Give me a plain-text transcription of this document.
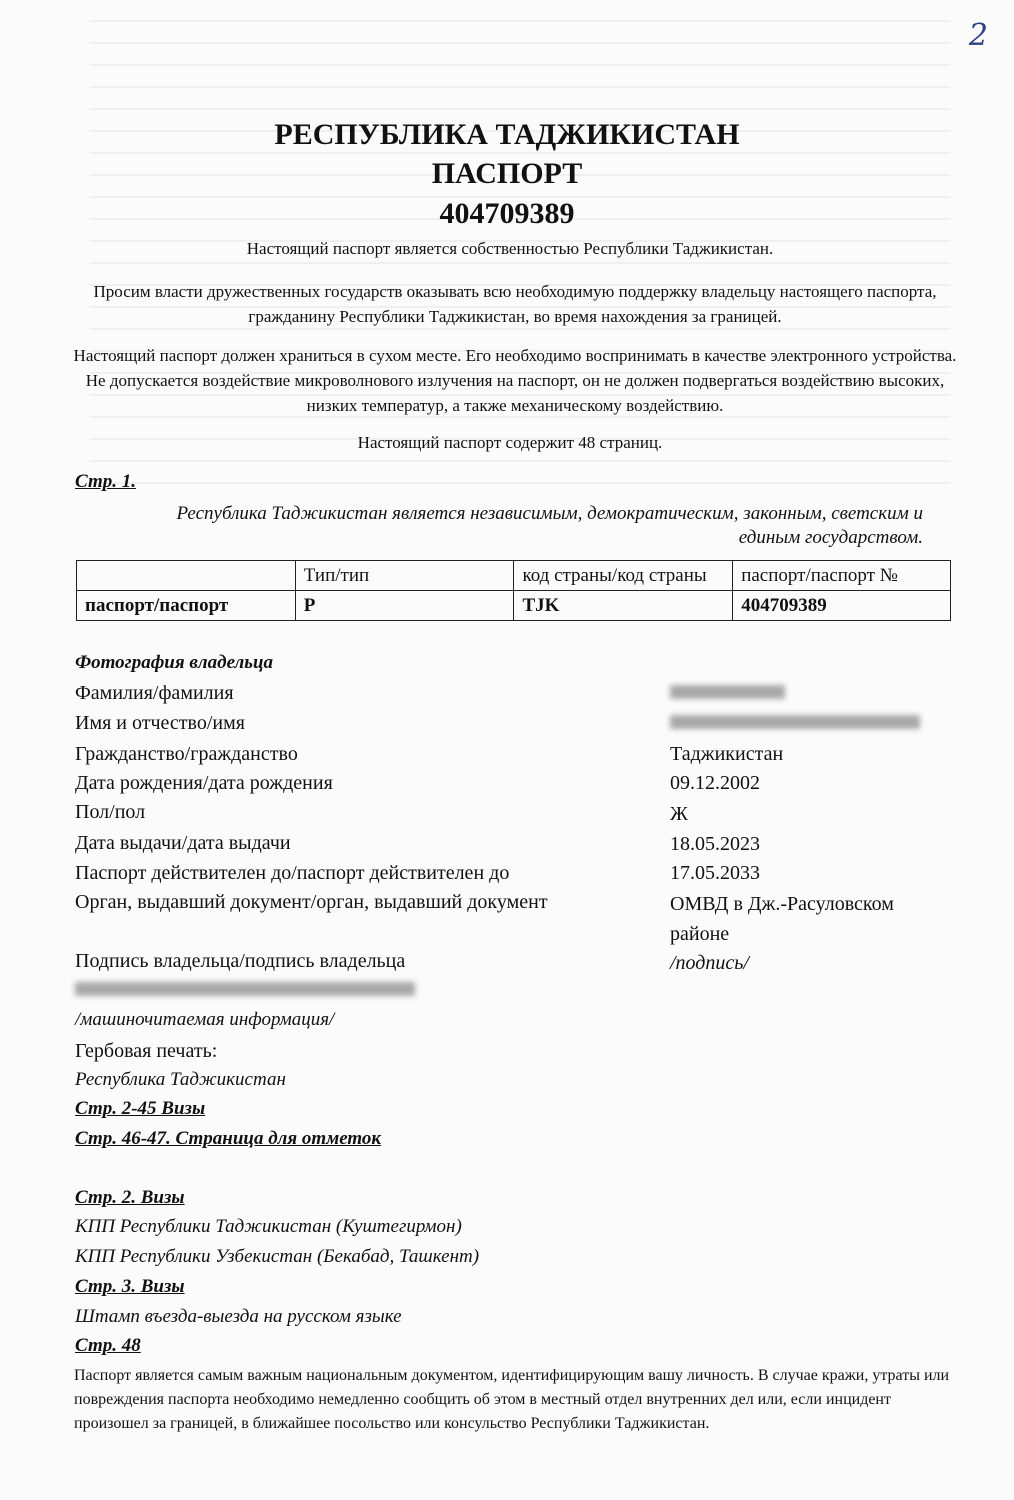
2
РЕСПУБЛИКА ТАДЖИКИСТАН
ПАСПОРТ
404709389
Настоящий паспорт является собственностью Республики Таджикистан.
Просим власти дружественных государств оказывать всю необходимую поддержку владельцу настоящего паспорта, гражданину Республики Таджикистан, во время нахождения за границей.
Настоящий паспорт должен храниться в сухом месте. Его необходимо воспринимать в качестве электронного устройства. Не допускается воздействие микроволнового излучения на паспорт, он не должен подвергаться воздействию высоких, низких температур, а также механическому воздействию.
Настоящий паспорт содержит 48 страниц.
Стр. 1.
Республика Таджикистан является независимым, демократическим, законным, светским и единым государством.
	Тип/тип	код страны/код страны	паспорт/паспорт №
паспорт/паспорт	P	TJK	404709389
Фотография владельца
Фамилия/фамилия
Имя и отчество/имя
Гражданство/гражданство	Таджикистан
Дата рождения/дата рождения	09.12.2002
Пол/пол	Ж
Дата выдачи/дата выдачи	18.05.2023
Паспорт действителен до/паспорт действителен до	17.05.2033
Орган, выдавший документ/орган, выдавший документ	ОМВД в Дж.-Расуловском районе
Подпись владельца/подпись владельца	/подпись/
/машиночитаемая информация/
Гербовая печать:
Республика Таджикистан
Стр. 2-45 Визы
Стр. 46-47. Страница для отметок
Стр. 2. Визы
КПП Республики Таджикистан (Куштегирмон)
КПП Республики Узбекистан (Бекабад, Ташкент)
Стр. 3. Визы
Штамп въезда-выезда на русском языке
Стр. 48
Паспорт является самым важным национальным документом, идентифицирующим вашу личность. В случае кражи, утраты или повреждения паспорта необходимо немедленно сообщить об этом в местный отдел внутренних дел или, если инцидент произошел за границей, в ближайшее посольство или консульство Республики Таджикистан.
